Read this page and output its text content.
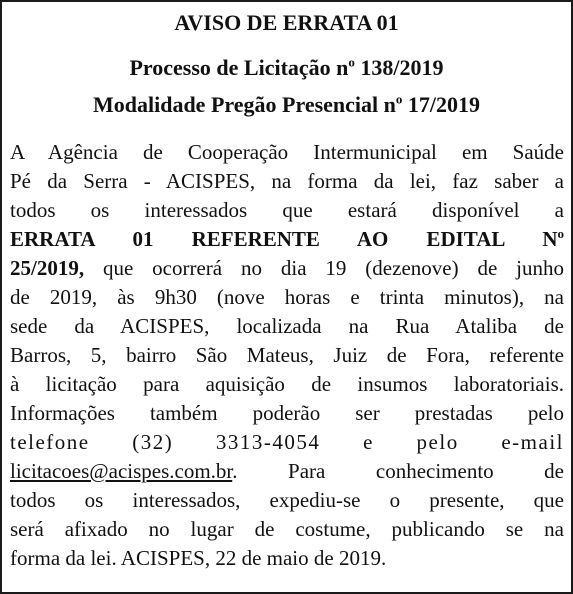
AVISO DE ERRATA 01
Processo de Licitação $n^o$ 138/2019
Modalidade Pregão Presencial $n^o$ 17/2019
A Agência de Cooperação Intermunicipal em Saúde
Pé da Serra - ACISPES, na forma da lei, faz saber a
todos os interessados que estará disponível a
ERRATA 01 REFERENTE AO EDITAL $N^o$
25/2019, que ocorrerá no dia 19 (dezenove) de junho
de 2019, às 9h30 (nove horas e trinta minutos), na
sede da ACISPES, localizada na Rua Ataliba de
Barros, 5, bairro São Mateus, Juiz de Fora, referente
à licitação para aquisição de insumos laboratoriais.
Informações também poderão ser prestadas pelo
telefone (32) 3313-4054 e pelo e-mail
licitacoes@acispes.com.br. Para conhecimento de
todos os interessados, expediu-se o presente, que
será afixado no lugar de costume, publicando se na
forma da lei. ACISPES, 22 de maio de 2019.
